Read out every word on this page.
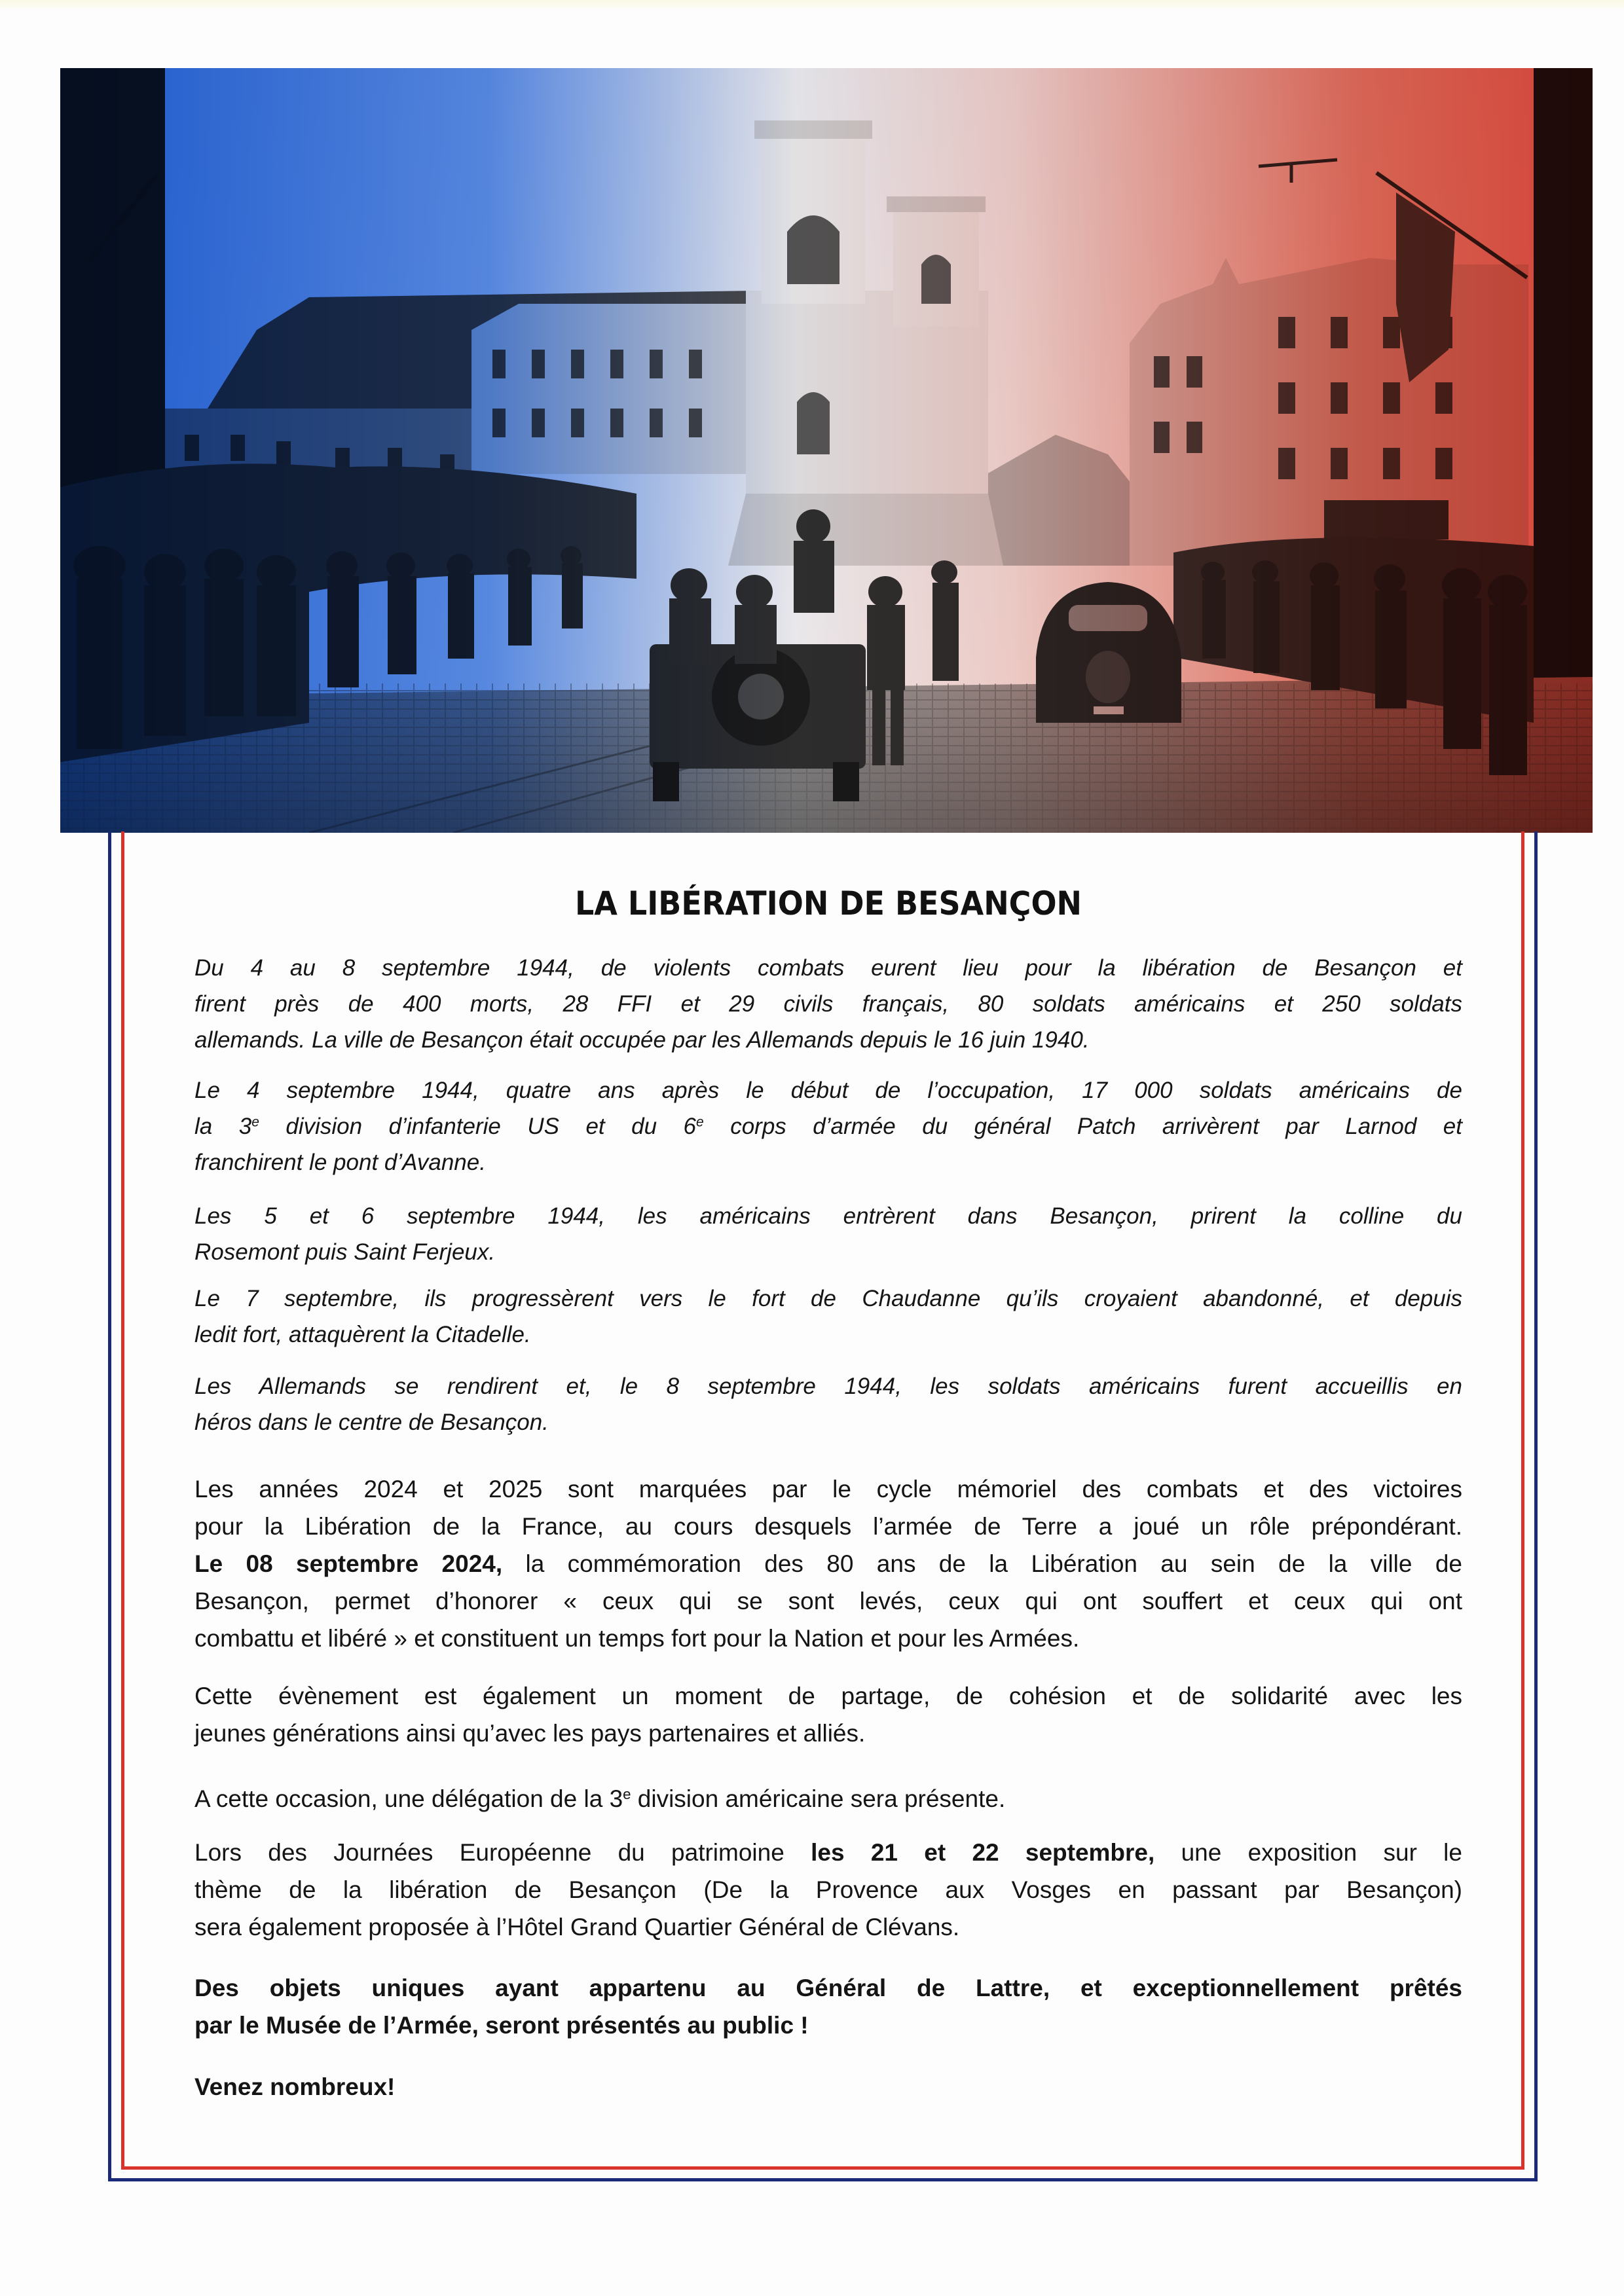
LA LIBÉRATION DE BESANÇON
Du 4 au 8 septembre 1944, de violents combats eurent lieu pour la libération de Besançon et
firent près de 400 morts, 28 FFI et 29 civils français, 80 soldats américains et 250 soldats
allemands. La ville de Besançon était occupée par les Allemands depuis le 16 juin 1940.
Le 4 septembre 1944, quatre ans après le début de l’occupation, 17 000 soldats américains de
la 3e division d’infanterie US et du 6e corps d’armée du général Patch arrivèrent par Larnod et
franchirent le pont d’Avanne.
Les 5 et 6 septembre 1944, les américains entrèrent dans Besançon, prirent la colline du
Rosemont puis Saint Ferjeux.
Le 7 septembre, ils progressèrent vers le fort de Chaudanne qu’ils croyaient abandonné, et depuis
ledit fort, attaquèrent la Citadelle.
Les Allemands se rendirent et, le 8 septembre 1944, les soldats américains furent accueillis en
héros dans le centre de Besançon.
Les années 2024 et 2025 sont marquées par le cycle mémoriel des combats et des victoires
pour la Libération de la France, au cours desquels l’armée de Terre a joué un rôle prépondérant.
Le 08 septembre 2024, la commémoration des 80 ans de la Libération au sein de la ville de
Besançon, permet d’honorer « ceux qui se sont levés, ceux qui ont souffert et ceux qui ont
combattu et libéré » et constituent un temps fort pour la Nation et pour les Armées.
Cette évènement est également un moment de partage, de cohésion et de solidarité avec les
jeunes générations ainsi qu’avec les pays partenaires et alliés.
A cette occasion, une délégation de la 3e division américaine sera présente.
Lors des Journées Européenne du patrimoine les 21 et 22 septembre, une exposition sur le
thème de la libération de Besançon (De la Provence aux Vosges en passant par Besançon)
sera également proposée à l’Hôtel Grand Quartier Général de Clévans.
Des objets uniques ayant appartenu au Général de Lattre, et exceptionnellement prêtés
par le Musée de l’Armée, seront présentés au public !
Venez nombreux!
